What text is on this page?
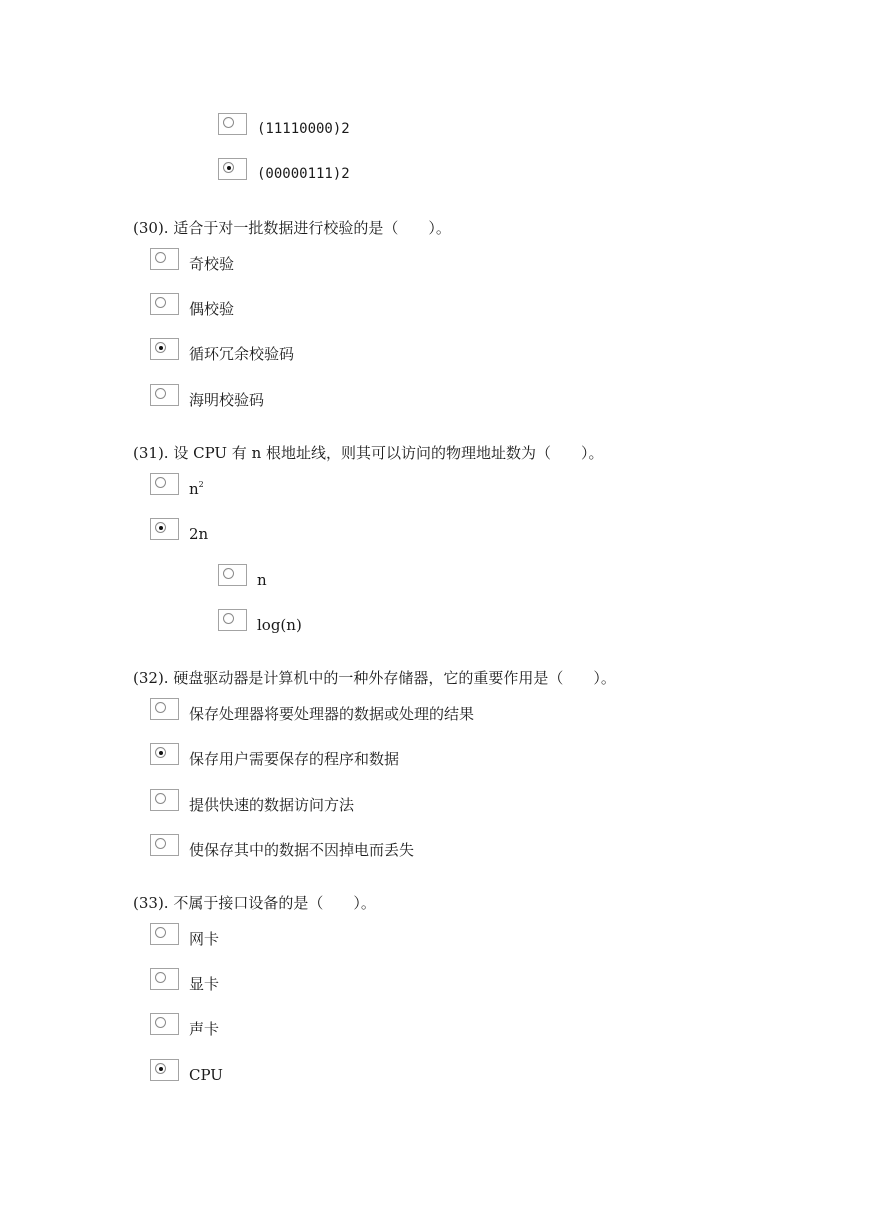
(11110000)2
(00000111)2
(30). 适合于对一批数据进行校验的是（　　）。
奇校验
偶校验
循环冗余校验码
海明校验码
(31). 设 CPU 有 n 根地址线，则其可以访问的物理地址数为（　　）。
$n^2$
2n
n
log(n)
(32). 硬盘驱动器是计算机中的一种外存储器，它的重要作用是（　　）。
保存处理器将要处理器的数据或处理的结果
保存用户需要保存的程序和数据
提供快速的数据访问方法
使保存其中的数据不因掉电而丢失
(33). 不属于接口设备的是（　　）。
网卡
显卡
声卡
CPU
